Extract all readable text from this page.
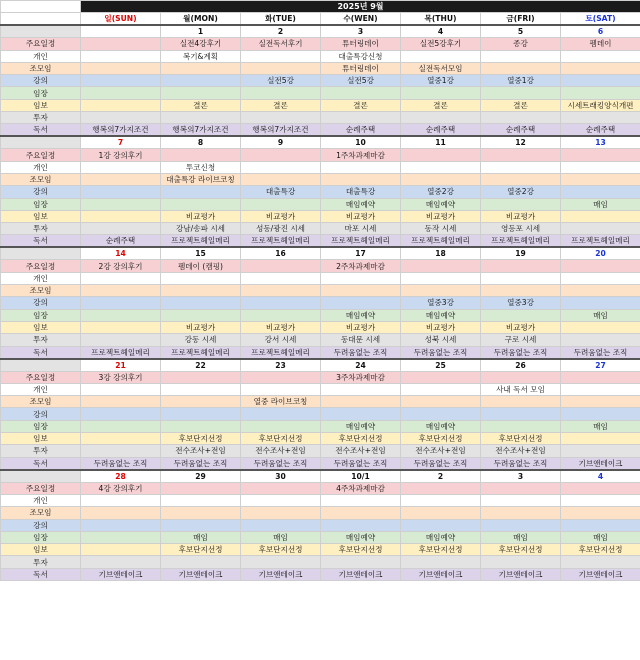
	2025년 9월						
	일(SUN)	월(MON)	화(TUE)	수(WEN)	목(THU)	금(FRI)	토(SAT)
		1	2	3	4	5	6
주요일정		실전4강후기	실전독서후기	튜터링데이	실전5강후기	종강	펨데이
개인		복기&계획		대출특강신청			
조모임				튜터링데이	실전독서모임		
강의			실전5강	실전5강	열중1강	열중1강	
임장							
임보		결론	결론	결론	결론	결론	시세트래킹양식개편
투자							
독서	행복의7가지조건	행복의7가지조건	행복의7가지조건	순례주택	순례주택	순례주택	순례주택
	7	8	9	10	11	12	13
주요일정	1강 강의후기			1주차과제마감			
개인		투코신청					
조모임		대출특강 라이브코칭					
강의			대출특강	대출특강	열중2강	열중2강	
임장				매임예약	매임예약		매임
임보		비교평가	비교평가	비교평가	비교평가	비교평가	
투자		강남/송파 시세	성동/광진 시세	마포 시세	동작 시세	영등포 시세	
독서	순례주택	프로젝트헤일메리	프로젝트헤일메리	프로젝트헤일메리	프로젝트헤일메리	프로젝트헤일메리	프로젝트헤일메리
	14	15	16	17	18	19	20
주요일정	2강 강의후기	펨데이 (캠핑)		2주차과제마감			
개인							
조모임							
강의					열중3강	열중3강	
임장				매임예약	매임예약		매임
임보		비교평가	비교평가	비교평가	비교평가	비교평가	
투자		강동 시세	강서 시세	동대문 시세	성북 시세	구로 시세	
독서	프로젝트헤일메리	프로젝트헤일메리	프로젝트헤일메리	두려움없는 조직	두려움없는 조직	두려움없는 조직	두려움없는 조직
	21	22	23	24	25	26	27
주요일정	3강 강의후기			3주차과제마감			
개인						사내 독서 모임	
조모임			열중 라이브코칭				
강의							
임장				매임예약	매임예약		매임
임보		후보단지선정	후보단지선정	후보단지선정	후보단지선정	후보단지선정	
투자		전수조사+전임	전수조사+전임	전수조사+전임	전수조사+전임	전수조사+전임	
독서	두려움없는 조직	두려움없는 조직	두려움없는 조직	두려움없는 조직	두려움없는 조직	두려움없는 조직	기브앤테이크
	28	29	30	10/1	2	3	4
주요일정	4강 강의후기			4주차과제마감			
개인							
조모임							
강의							
임장		매임	매임	매임예약	매임예약	매임	매임
임보		후보단지선정	후보단지선정	후보단지선정	후보단지선정	후보단지선정	후보단지선정
투자							
독서	기브앤테이크	기브앤테이크	기브앤테이크	기브앤테이크	기브앤테이크	기브앤테이크	기브앤테이크
